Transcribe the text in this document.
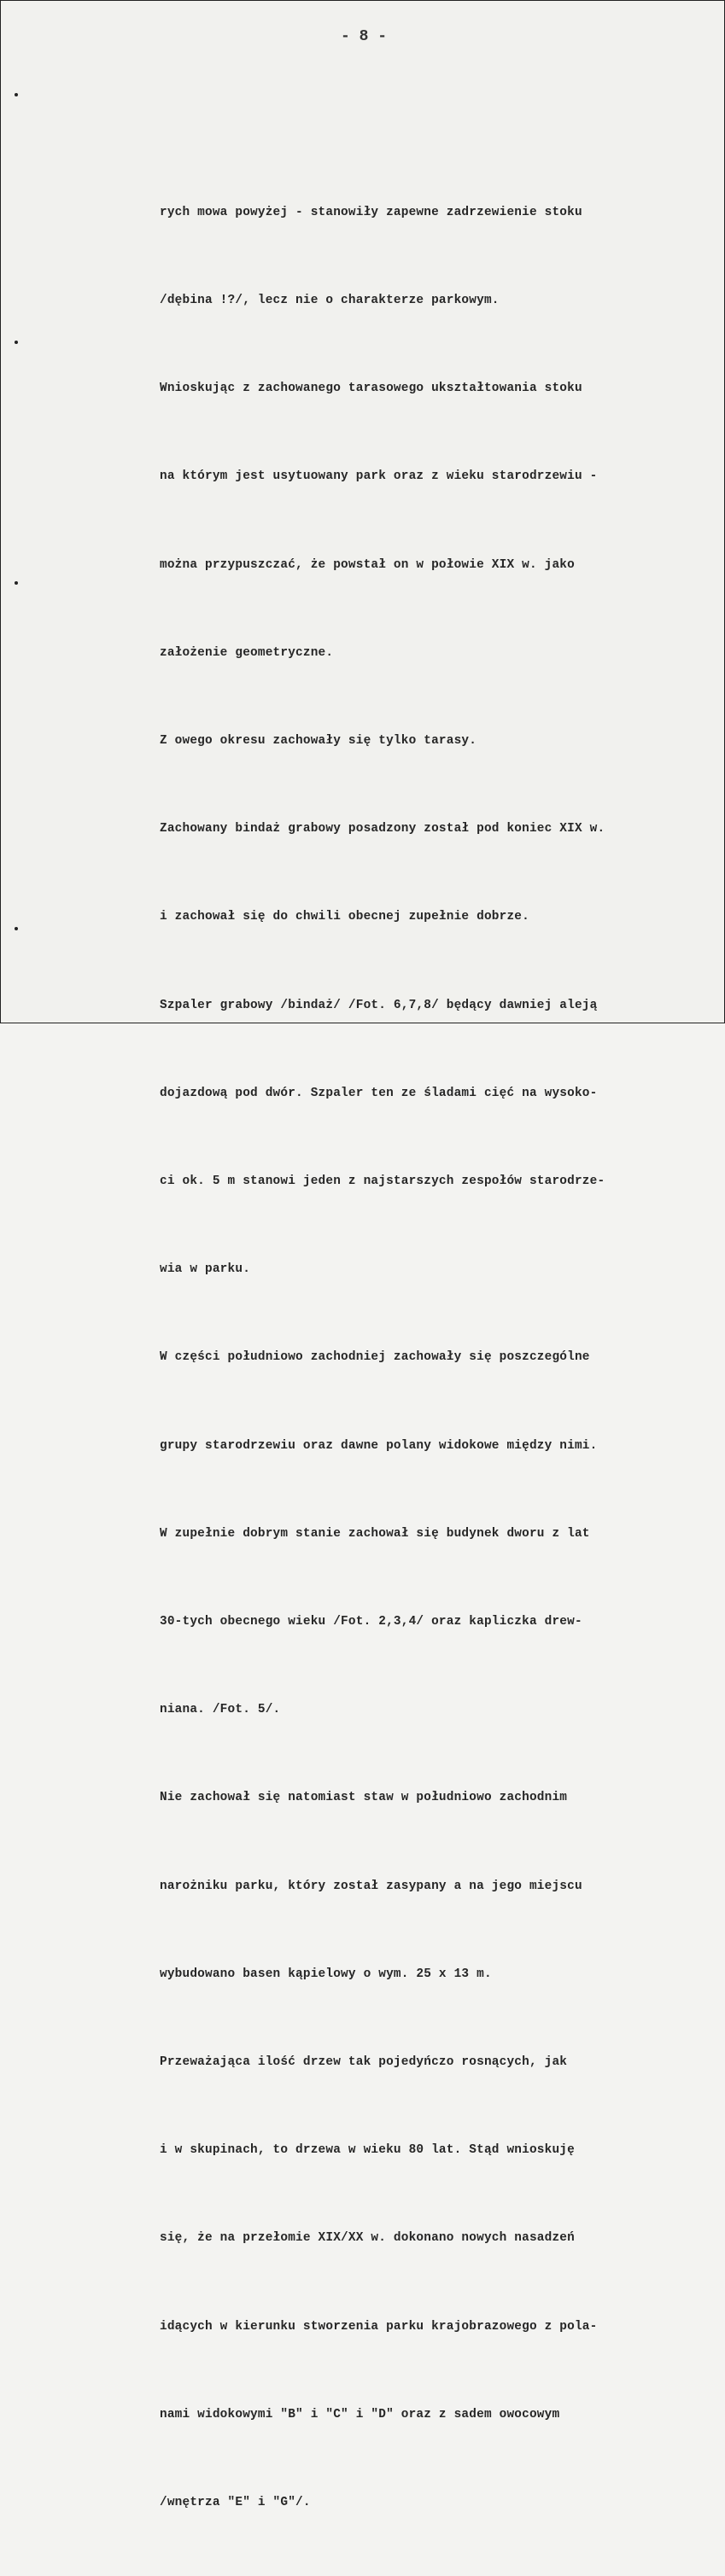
- 8 -

rych mowa powyżej - stanowiły zapewne zadrzewienie stoku

/dębina !?/, lecz nie o charakterze parkowym.

Wnioskując z zachowanego tarasowego ukształtowania stoku

na którym jest usytuowany park oraz z wieku starodrzewiu -

można przypuszczać, że powstał on w połowie XIX w. jako

założenie geometryczne.

Z owego okresu zachowały się tylko tarasy.

Zachowany bindaż grabowy posadzony został pod koniec XIX w.

i zachował się do chwili obecnej zupełnie dobrze.

Szpaler grabowy /bindaż/ /Fot. 6,7,8/ będący dawniej aleją

dojazdową pod dwór. Szpaler ten ze śladami cięć na wysoko-

ci ok. 5 m stanowi jeden z najstarszych zespołów starodrze-

wia w parku.

W części południowo zachodniej zachowały się poszczególne

grupy starodrzewiu oraz dawne polany widokowe między nimi.

W zupełnie dobrym stanie zachował się budynek dworu z lat

30-tych obecnego wieku /Fot. 2,3,4/ oraz kapliczka drew-

niana. /Fot. 5/.

Nie zachował się natomiast staw w południowo zachodnim

narożniku parku, który został zasypany a na jego miejscu

wybudowano basen kąpielowy o wym. 25 x 13 m.

Przeważająca ilość drzew tak pojedyńczo rosnących, jak

i w skupinach, to drzewa w wieku 80 lat. Stąd wnioskuję

się, że na przełomie XIX/XX w. dokonano nowych nasadzeń

idących w kierunku stworzenia parku krajobrazowego z pola-

nami widokowymi "B" i "C" i "D" oraz z sadem owocowym

/wnętrza "E" i "G"/.
